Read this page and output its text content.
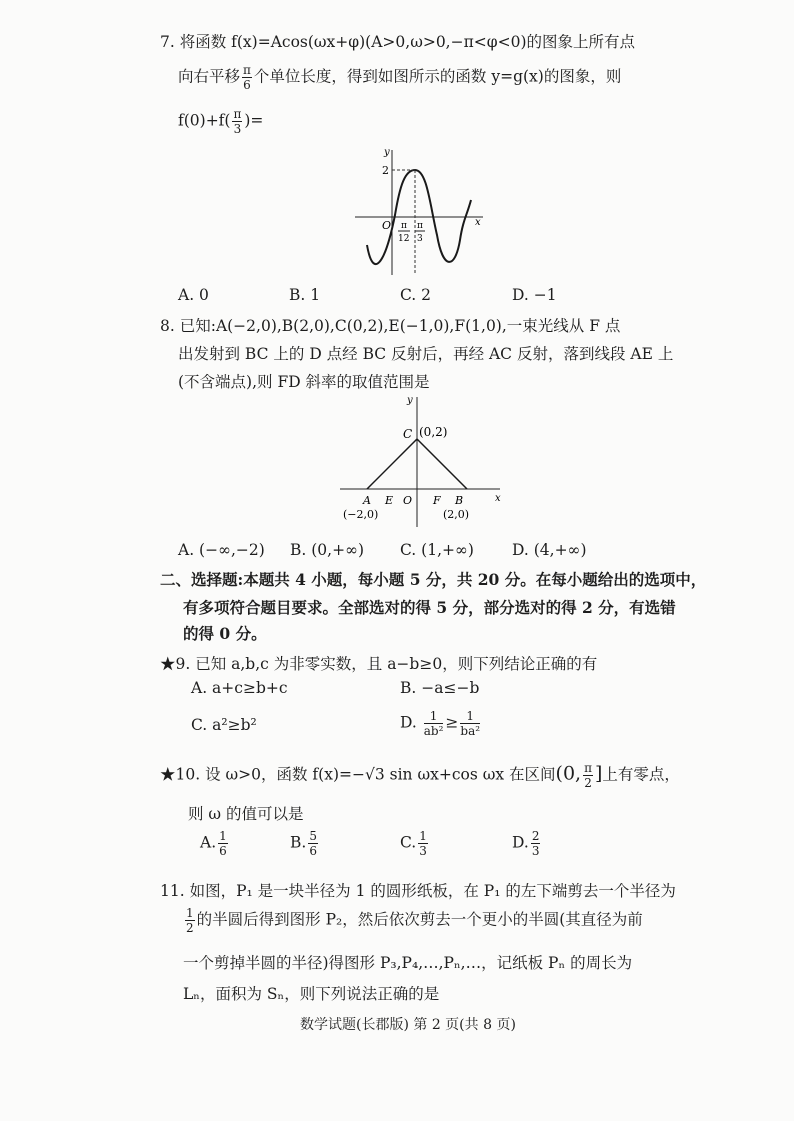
7. 将函数 f(x)=Acos(ωx+φ)(A>0,ω>0,−π<φ<0)的图象上所有点
向右平移 $\frac{\pi}{6}$ 个单位长度，得到如图所示的函数 y=g(x)的图象，则
$f(0)+f( \frac{\pi}{3}$ )=
y
x
O
2
π
12
π
3
A. 0	B. 1	C. 2	D. −1
8. 已知:A(−2,0),B(2,0),C(0,2),E(−1,0),F(1,0),一束光线从 F 点
出发射到 BC 上的 D 点经 BC 反射后，再经 AC 反射，落到线段 AE 上
(不含端点),则 FD 斜率的取值范围是
y
x
C (0,2)
A E O F B
(−2,0)	(2,0)
A. (−∞,−2) B. (0,+∞) C. (1,+∞) D. (4,+∞)
二、选择题:本题共 4 小题，每小题 5 分，共 20 分。在每小题给出的选项中，
有多项符合题目要求。全部选对的得 5 分，部分选对的得 2 分，有选错
的得 0 分。
★9. 已知 a,b,c 为非零实数，且 a−b≥0，则下列结论正确的有
A. a+c≥b+c	B. −a≤−b
C. a²≥b²	D. $\frac{1}{\text{ab²}} \ge \frac{1}{\text{ba²}}$
★10. 设 ω>0，函数 f(x)=−√3 sin ωx+cos ωx 在区间(0, $\frac{\pi}{2}$ ]上有零点，
则 ω 的值可以是
A. $\frac{1}{6}$	B. $\frac{5}{6}$	C. $\frac{1}{3}$	D. $\frac{2}{3}$
11. 如图，P₁ 是一块半径为 1 的圆形纸板，在 P₁ 的左下端剪去一个半径为
$\frac{1}{2}$ 的半圆后得到图形 P₂，然后依次剪去一个更小的半圆(其直径为前
一个剪掉半圆的半径)得图形 P₃,P₄,…,Pₙ,…，记纸板 Pₙ 的周长为
Lₙ，面积为 Sₙ，则下列说法正确的是
数学试题(长郡版) 第 2 页(共 8 页)
